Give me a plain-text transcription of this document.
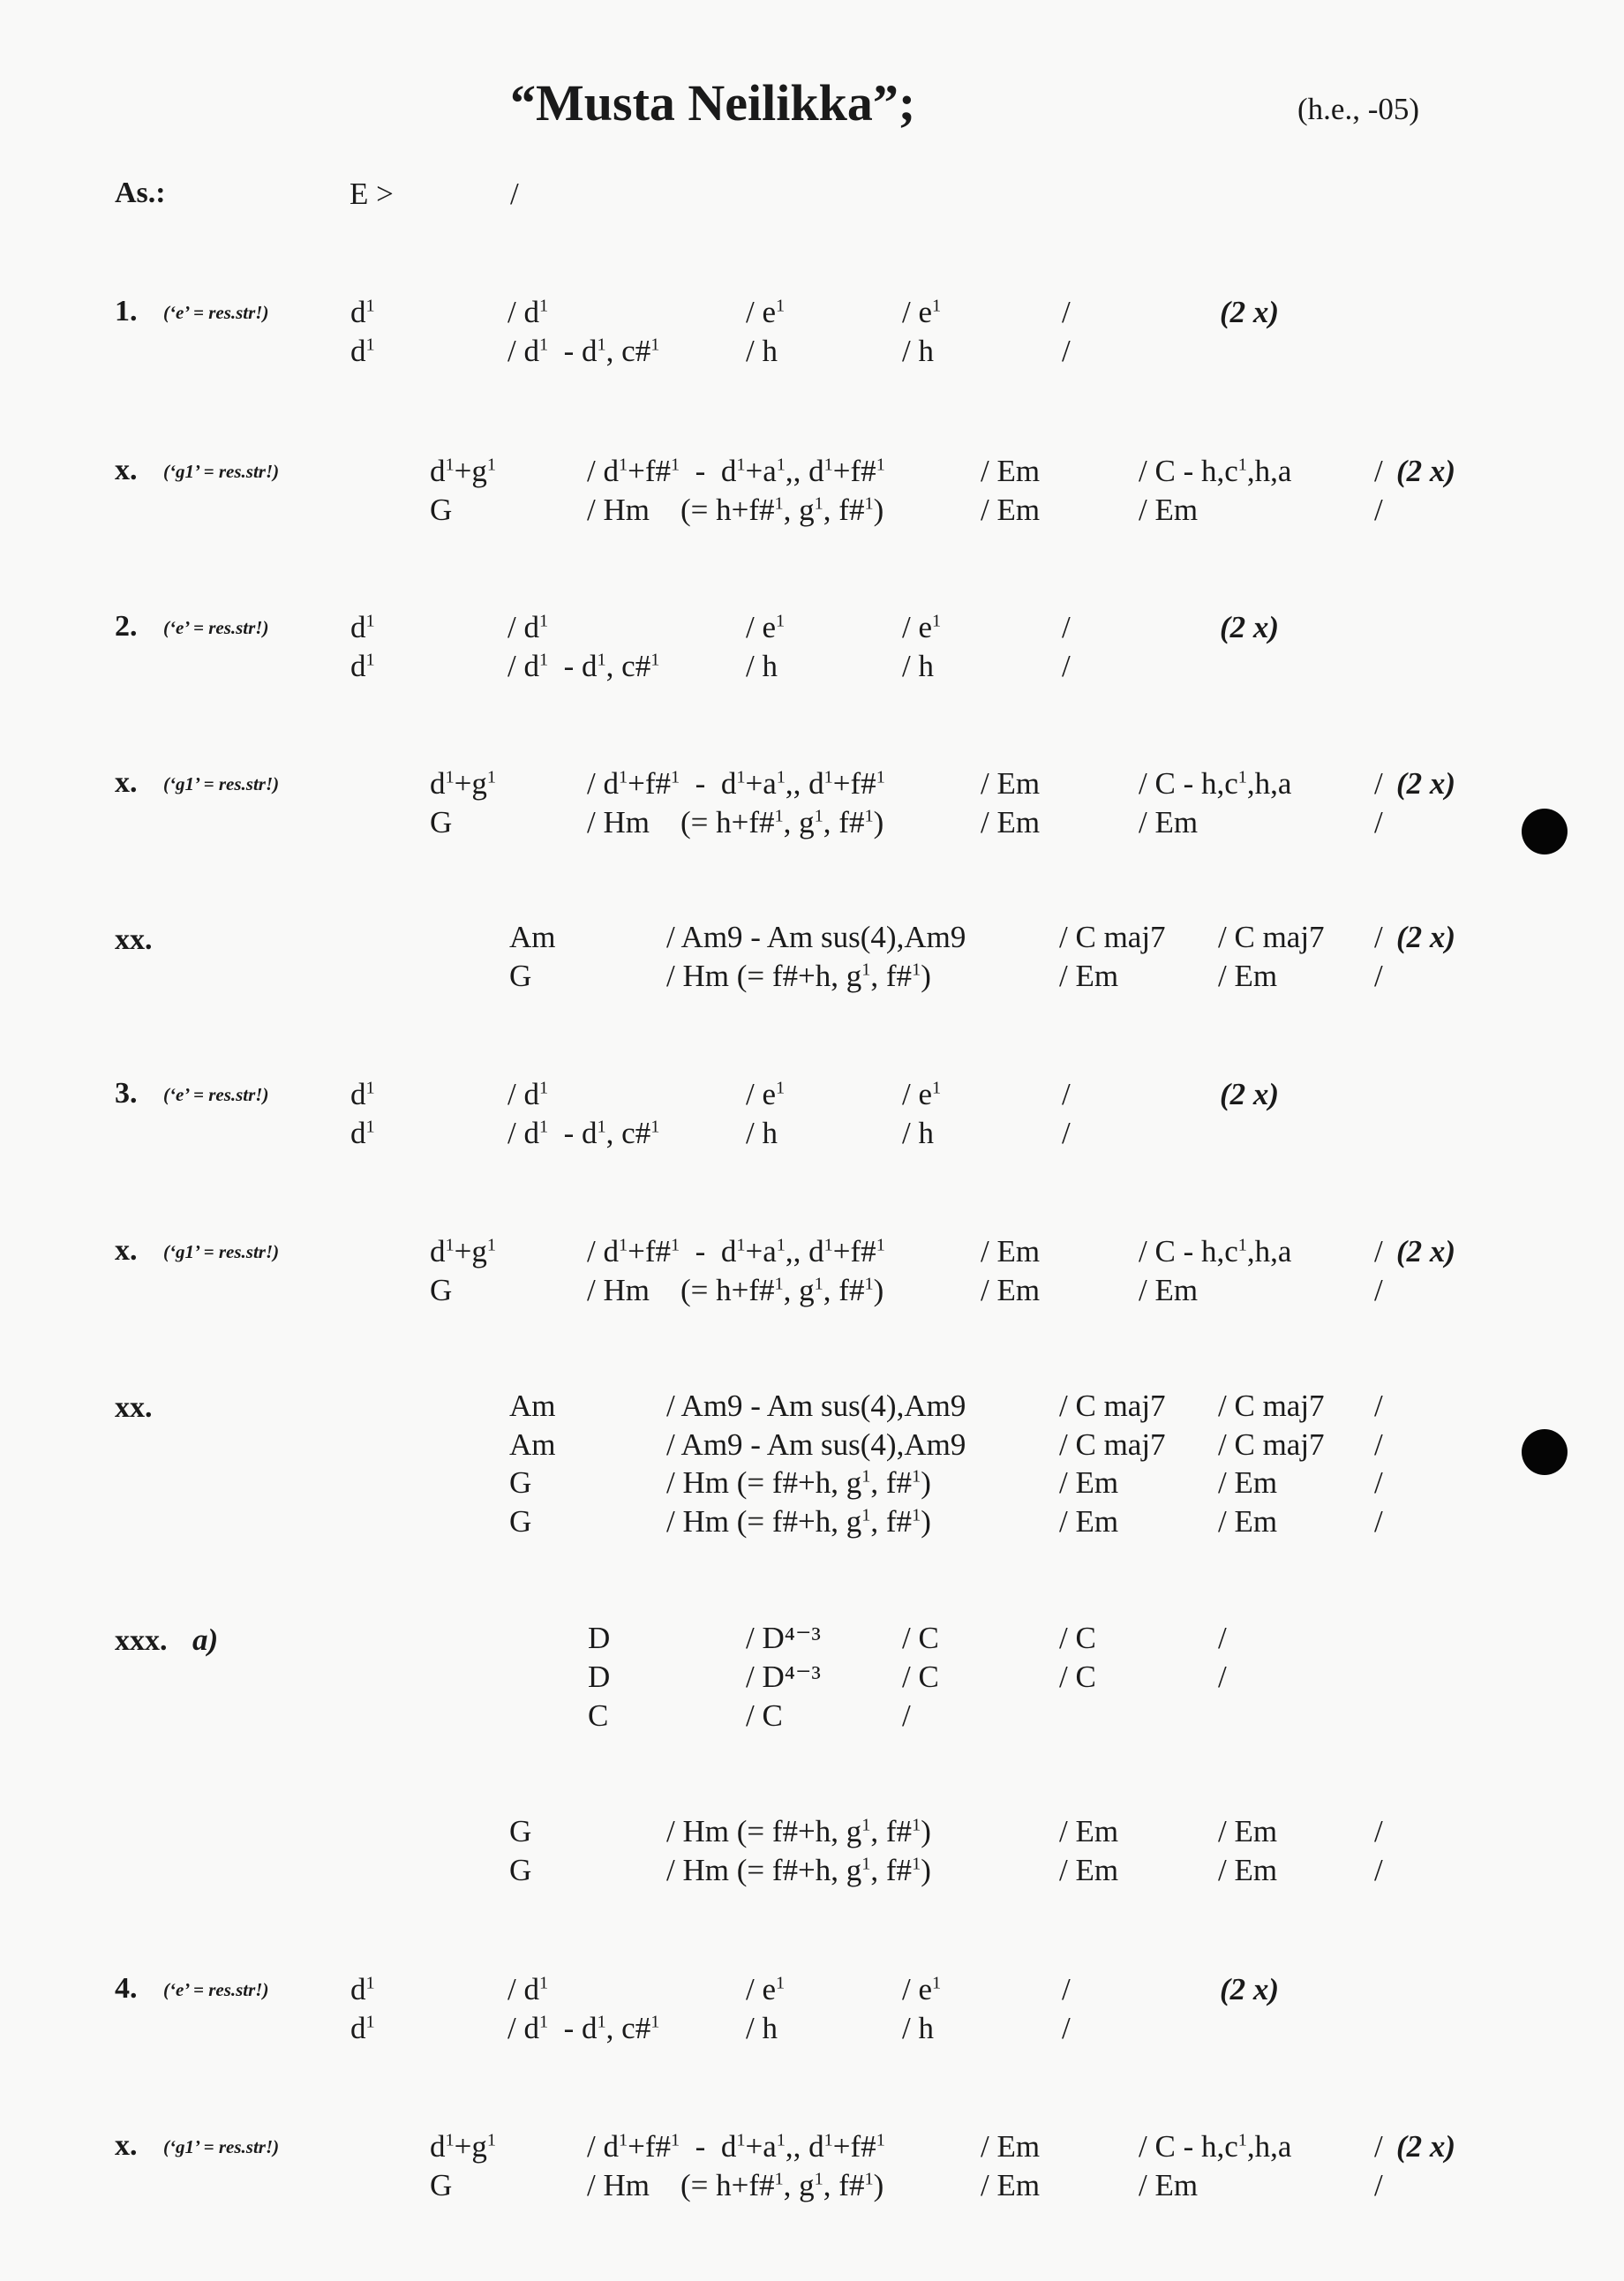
“Musta Neilikka”;	(h.e., -05)
As.:	E >	/
1. (‘e’ = res.str!)	$d^1$	/ $d^1$	/ $e^1$	/ $e^1$	/	(2 x)
$d^1$	/ $d^1 - d^1$, c#$^1$	/ h	/ h	/
x. (‘g1’ = res.str!)	$d^1+g^1$	/ $d^1+f\#^1 - d^1+a^1$,, $d^1+f\#^1$	/ Em	/ C - $h,c^1,h,a$	/ (2 x)
G	/ Hm    (= h+f#$^1$, $g^1$, f#$^1$)	/ Em	/ Em	/
2. (‘e’ = res.str!)	$d^1$	/ $d^1$	/ $e^1$	/ $e^1$	/	(2 x)
$d^1$	/ $d^1 - d^1$, c#$^1$	/ h	/ h	/
x. (‘g1’ = res.str!)	$d^1+g^1$	/ $d^1+f\#^1 - d^1+a^1$,, $d^1+f\#^1$	/ Em	/ C - $h,c^1,h,a$	/ (2 x)
G	/ Hm    (= h+f#$^1$, $g^1$, f#$^1$)	/ Em	/ Em	/
xx.	Am	/ Am9 - Am sus(4),Am9	/ C maj7 / C maj7 / (2 x)
G	/ Hm (= f#+h, $g^1$, f#$^1$)	/ Em	/ Em	/
3. (‘e’ = res.str!)	$d^1$	/ $d^1$	/ $e^1$	/ $e^1$	/	(2 x)
$d^1$	/ $d^1 - d^1$, c#$^1$	/ h	/ h	/
x. (‘g1’ = res.str!)	$d^1+g^1$	/ $d^1+f\#^1 - d^1+a^1$,, $d^1+f\#^1$	/ Em	/ C - $h,c^1,h,a$	/ (2 x)
G	/ Hm    (= h+f#$^1$, $g^1$, f#$^1$)	/ Em	/ Em	/
xx.	Am	/ Am9 - Am sus(4),Am9	/ C maj7 / C maj7 /
Am	/ Am9 - Am sus(4),Am9	/ C maj7 / C maj7 /
G	/ Hm (= f#+h, $g^1$, f#$^1$)	/ Em	/ Em	/
G	/ Hm (= f#+h, $g^1$, f#$^1$)	/ Em	/ Em	/
xxx. a)	D	/ D⁴⁻³	/ C	/ C	/
D	/ D⁴⁻³	/ C	/ C	/
C	/ C	/
G	/ Hm (= f#+h, $g^1$, f#$^1$)	/ Em	/ Em	/
G	/ Hm (= f#+h, $g^1$, f#$^1$)	/ Em	/ Em	/
4. (‘e’ = res.str!)	$d^1$	/ $d^1$	/ $e^1$	/ $e^1$	/	(2 x)
$d^1$	/ $d^1 - d^1$, c#$^1$	/ h	/ h	/
x. (‘g1’ = res.str!)	$d^1+g^1$	/ $d^1+f\#^1 - d^1+a^1$,, $d^1+f\#^1$	/ Em	/ C - $h,c^1,h,a$	/ (2 x)
G	/ Hm    (= h+f#$^1$, $g^1$, f#$^1$)	/ Em	/ Em	/
